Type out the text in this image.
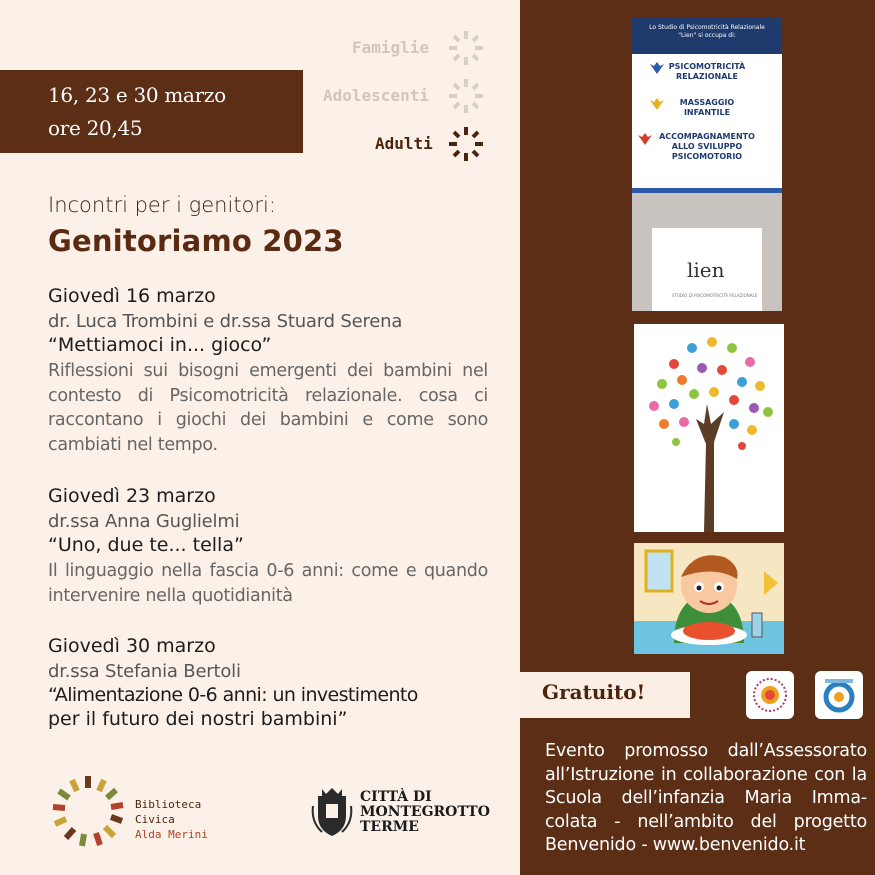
16, 23 e 30 marzo
ore 20,45
Famiglie
Adolescenti
Adulti
Incontri per i genitori:
Genitoriamo 2023
Giovedì 16 marzo
dr. Luca Trombini e dr.ssa Stuard Serena
“Mettiamoci in... gioco”
Riflessioni sui bisogni emergenti dei bambini nel contesto di Psicomotricità relazionale. cosa ci raccontano i giochi dei bambini e come sono cambiati nel tempo.
Giovedì 23 marzo
dr.ssa Anna Guglielmi
“Uno, due te... tella”
Il linguaggio nella fascia 0-6 anni: come e quando intervenire nella quotidianità
Giovedì 30 marzo
dr.ssa Stefania Bertoli
“Alimentazione 0-6 anni: un investimento
per il futuro dei nostri bambini”
Biblioteca
Civica
Alda Merini
CITTÀ DI
MONTEGROTTO
TERME
Lo Studio di Psicomotricità Relazionale "Lien" si occupa di:
PSICOMOTRICITÀ
RELAZIONALE
MASSAGGIO
INFANTILE
ACCOMPAGNAMENTO
ALLO SVILUPPO
PSICOMOTORIO
lien
STUDIO DI PSICOMOTRICITÀ RELAZIONALE
Gratuito!
Evento promosso dall’Assessorato all’Istruzione in collaborazione con la Scuola dell’infanzia Maria Imma-colata - nell’ambito del progetto Benvenido - www.benvenido.it
